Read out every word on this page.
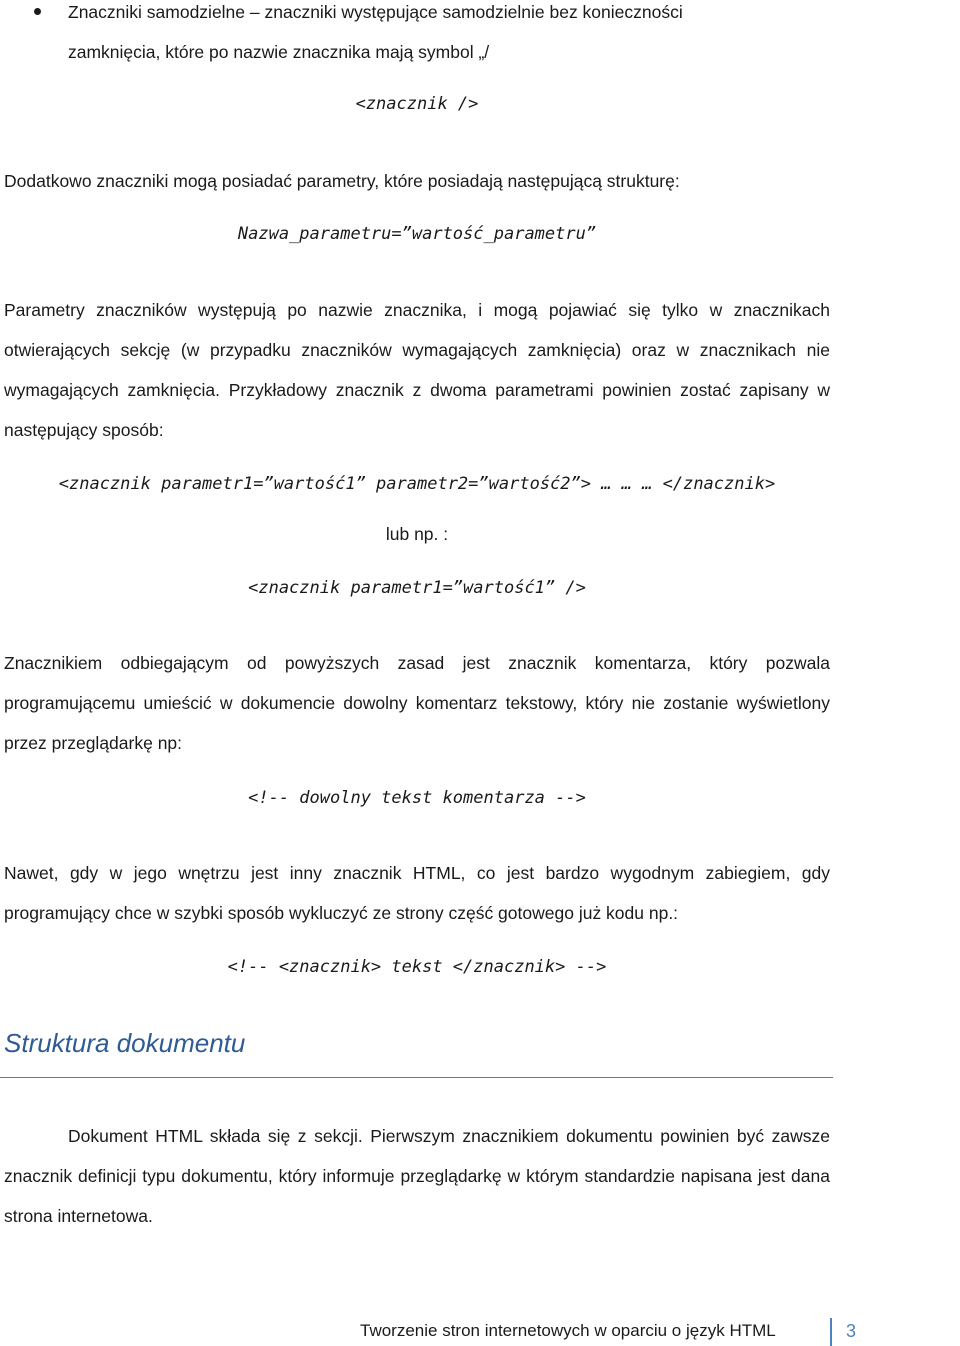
Znaczniki samodzielne – znaczniki występujące samodzielnie bez konieczności
zamknięcia, które po nazwie znacznika mają symbol „/
<znacznik />
Dodatkowo znaczniki mogą posiadać parametry, które posiadają następującą strukturę:
Nazwa_parametru=”wartość_parametru”
Parametry znaczników występują po nazwie znacznika, i mogą pojawiać się tylko w znacznikach otwierających sekcję (w przypadku znaczników wymagających zamknięcia) oraz w znacznikach nie wymagających zamknięcia. Przykładowy znacznik z dwoma parametrami powinien zostać zapisany w następujący sposób:
<znacznik parametr1=”wartość1” parametr2=”wartość2”> … … … </znacznik>
lub np. :
<znacznik parametr1=”wartość1” />
Znacznikiem odbiegającym od powyższych zasad jest znacznik komentarza, który pozwala programującemu umieścić w dokumencie dowolny komentarz tekstowy, który nie zostanie wyświetlony przez przeglądarkę np:
<!-- dowolny tekst komentarza -->
Nawet, gdy w jego wnętrzu jest inny znacznik HTML, co jest bardzo wygodnym zabiegiem, gdy programujący chce w szybki sposób wykluczyć ze strony część gotowego już kodu np.:
<!-- <znacznik> tekst </znacznik> -->
Struktura dokumentu
Dokument HTML składa się z sekcji. Pierwszym znacznikiem dokumentu powinien być zawsze znacznik definicji typu dokumentu, który informuje przeglądarkę w którym standardzie napisana jest dana strona internetowa.
Tworzenie stron internetowych w oparciu o język HTML	3
